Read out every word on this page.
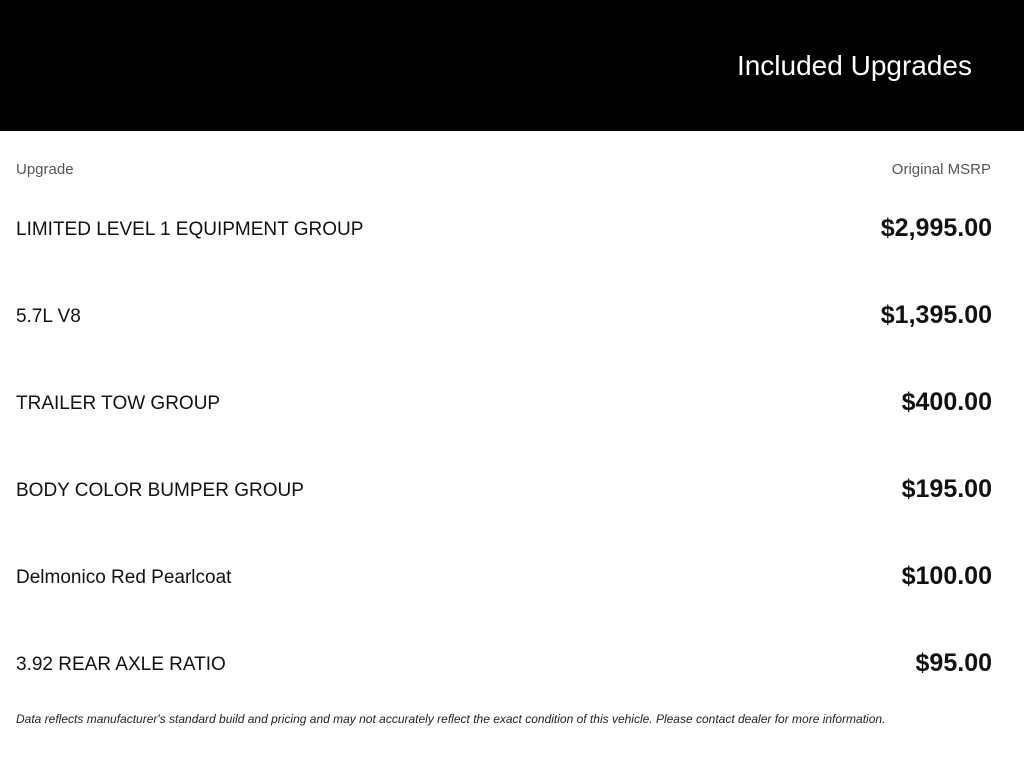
Included Upgrades
Upgrade	Original MSRP
LIMITED LEVEL 1 EQUIPMENT GROUP	$2,995.00
5.7L V8	$1,395.00
TRAILER TOW GROUP	$400.00
BODY COLOR BUMPER GROUP	$195.00
Delmonico Red Pearlcoat	$100.00
3.92 REAR AXLE RATIO	$95.00
Data reflects manufacturer's standard build and pricing and may not accurately reflect the exact condition of this vehicle. Please contact dealer for more information.
